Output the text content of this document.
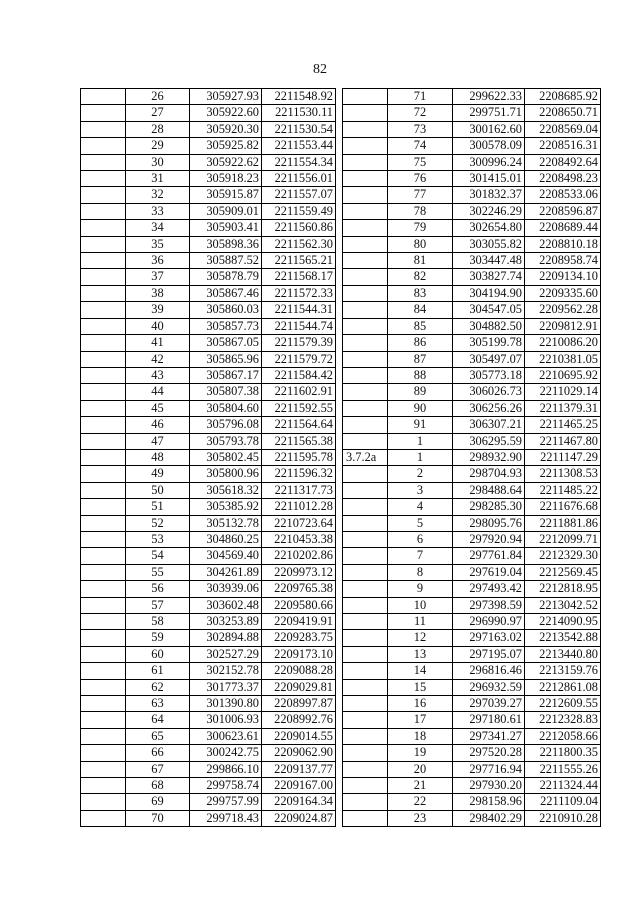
82
	26	305927.93	2211548.92
	27	305922.60	2211530.11
	28	305920.30	2211530.54
	29	305925.82	2211553.44
	30	305922.62	2211554.34
	31	305918.23	2211556.01
	32	305915.87	2211557.07
	33	305909.01	2211559.49
	34	305903.41	2211560.86
	35	305898.36	2211562.30
	36	305887.52	2211565.21
	37	305878.79	2211568.17
	38	305867.46	2211572.33
	39	305860.03	2211544.31
	40	305857.73	2211544.74
	41	305867.05	2211579.39
	42	305865.96	2211579.72
	43	305867.17	2211584.42
	44	305807.38	2211602.91
	45	305804.60	2211592.55
	46	305796.08	2211564.64
	47	305793.78	2211565.38
	48	305802.45	2211595.78
	49	305800.96	2211596.32
	50	305618.32	2211317.73
	51	305385.92	2211012.28
	52	305132.78	2210723.64
	53	304860.25	2210453.38
	54	304569.40	2210202.86
	55	304261.89	2209973.12
	56	303939.06	2209765.38
	57	303602.48	2209580.66
	58	303253.89	2209419.91
	59	302894.88	2209283.75
	60	302527.29	2209173.10
	61	302152.78	2209088.28
	62	301773.37	2209029.81
	63	301390.80	2208997.87
	64	301006.93	2208992.76
	65	300623.61	2209014.55
	66	300242.75	2209062.90
	67	299866.10	2209137.77
	68	299758.74	2209167.00
	69	299757.99	2209164.34
	70	299718.43	2209024.87
	71	299622.33	2208685.92
	72	299751.71	2208650.71
	73	300162.60	2208569.04
	74	300578.09	2208516.31
	75	300996.24	2208492.64
	76	301415.01	2208498.23
	77	301832.37	2208533.06
	78	302246.29	2208596.87
	79	302654.80	2208689.44
	80	303055.82	2208810.18
	81	303447.48	2208958.74
	82	303827.74	2209134.10
	83	304194.90	2209335.60
	84	304547.05	2209562.28
	85	304882.50	2209812.91
	86	305199.78	2210086.20
	87	305497.07	2210381.05
	88	305773.18	2210695.92
	89	306026.73	2211029.14
	90	306256.26	2211379.31
	91	306307.21	2211465.25
	1	306295.59	2211467.80
3.7.2a	1	298932.90	2211147.29
	2	298704.93	2211308.53
	3	298488.64	2211485.22
	4	298285.30	2211676.68
	5	298095.76	2211881.86
	6	297920.94	2212099.71
	7	297761.84	2212329.30
	8	297619.04	2212569.45
	9	297493.42	2212818.95
	10	297398.59	2213042.52
	11	296990.97	2214090.95
	12	297163.02	2213542.88
	13	297195.07	2213440.80
	14	296816.46	2213159.76
	15	296932.59	2212861.08
	16	297039.27	2212609.55
	17	297180.61	2212328.83
	18	297341.27	2212058.66
	19	297520.28	2211800.35
	20	297716.94	2211555.26
	21	297930.20	2211324.44
	22	298158.96	2211109.04
	23	298402.29	2210910.28
